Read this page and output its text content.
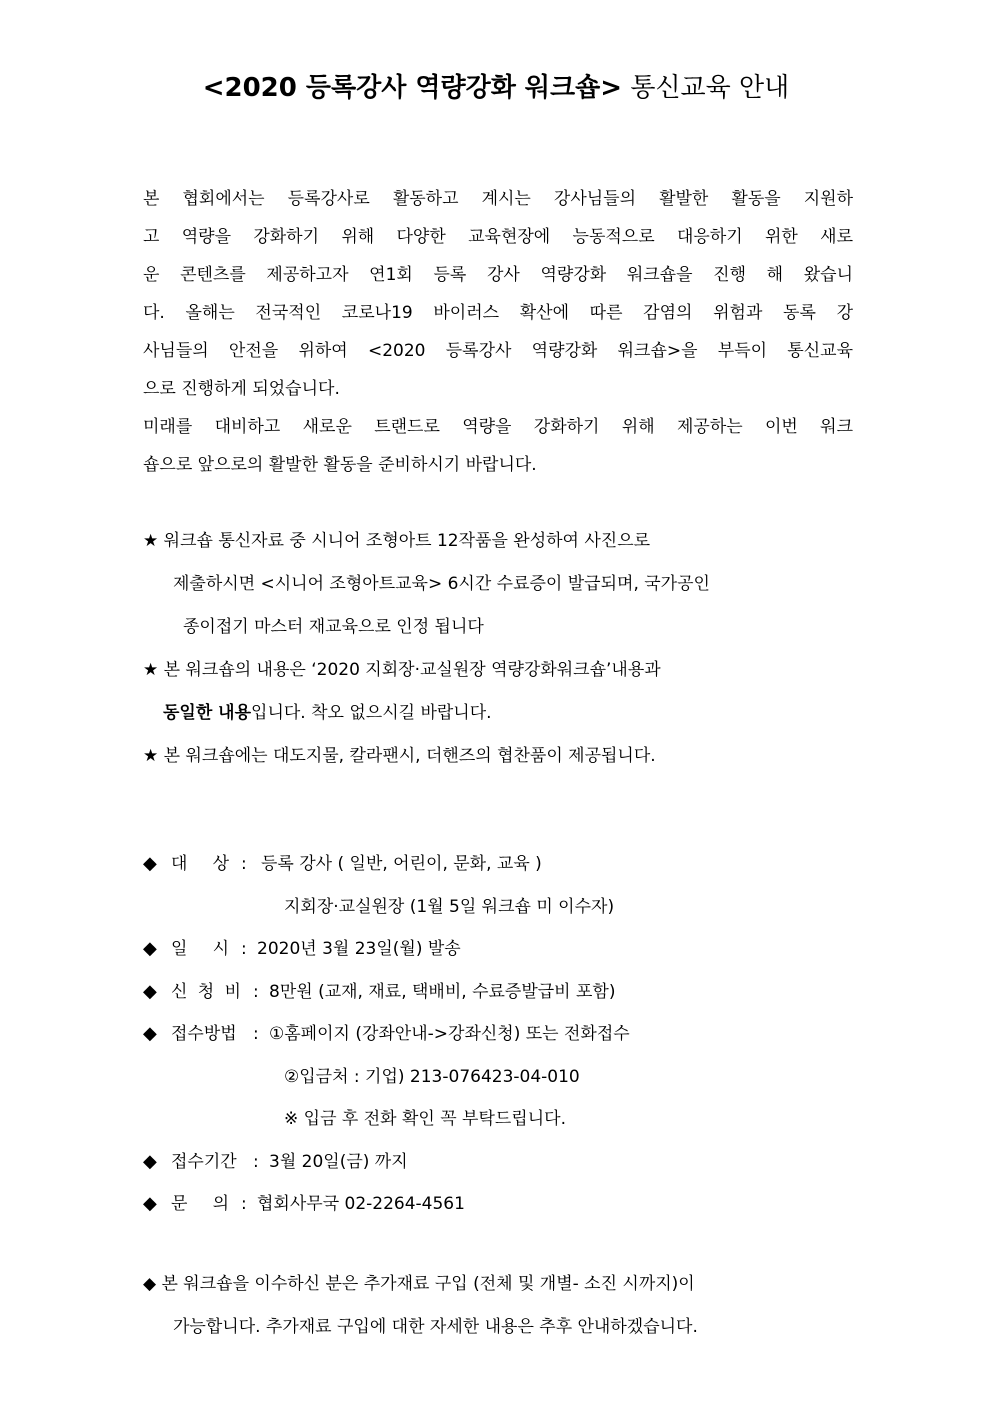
<2020 등록강사 역량강화 워크숍> 통신교육 안내
본 협회에서는 등록강사로 활동하고 계시는 강사님들의 활발한 활동을 지원하
고 역량을 강화하기 위해 다양한 교육현장에 능동적으로 대응하기 위한 새로
운 콘텐츠를 제공하고자 연1회 등록 강사 역량강화 워크숍을 진행 해 왔습니
다. 올해는 전국적인 코로나19 바이러스 확산에 따른 감염의 위험과 동록 강
사님들의 안전을 위하여 <2020 등록강사 역량강화 워크숍>을 부득이 통신교육
으로 진행하게 되었습니다.
미래를 대비하고 새로운 트랜드로 역량을 강화하기 위해 제공하는 이번 워크
숍으로 앞으로의 활발한 활동을 준비하시기 바랍니다.
★ 워크숍 통신자료 중 시니어 조형아트 12작품을 완성하여 사진으로
제출하시면 <시니어 조형아트교육> 6시간 수료증이 발급되며, 국가공인
종이접기 마스터 재교육으로 인정 됩니다
★ 본 워크숍의 내용은 ‘2020 지회장·교실원장 역량강화워크숍’내용과
동일한 내용입니다. 착오 없으시길 바랍니다.
★ 본 워크숍에는 대도지물, 칼라팬시, 더핸즈의 협찬품이 제공됩니다.
◆ 대 상 : 등록 강사 ( 일반, 어린이, 문화, 교육 )
지회장·교실원장 (1월 5일 워크숍 미 이수자)
◆ 일 시 : 2020년 3월 23일(월) 발송
◆ 신 청 비 : 8만원 (교재, 재료, 택배비, 수료증발급비 포함)
◆ 접수방법 : ①홈페이지 (강좌안내->강좌신청) 또는 전화접수
②입금처 : 기업) 213-076423-04-010
※ 입금 후 전화 확인 꼭 부탁드립니다.
◆ 접수기간 : 3월 20일(금) 까지
◆ 문 의 : 협회사무국 02-2264-4561
◆ 본 워크숍을 이수하신 분은 추가재료 구입 (전체 및 개별- 소진 시까지)이
가능합니다. 추가재료 구입에 대한 자세한 내용은 추후 안내하겠습니다.
